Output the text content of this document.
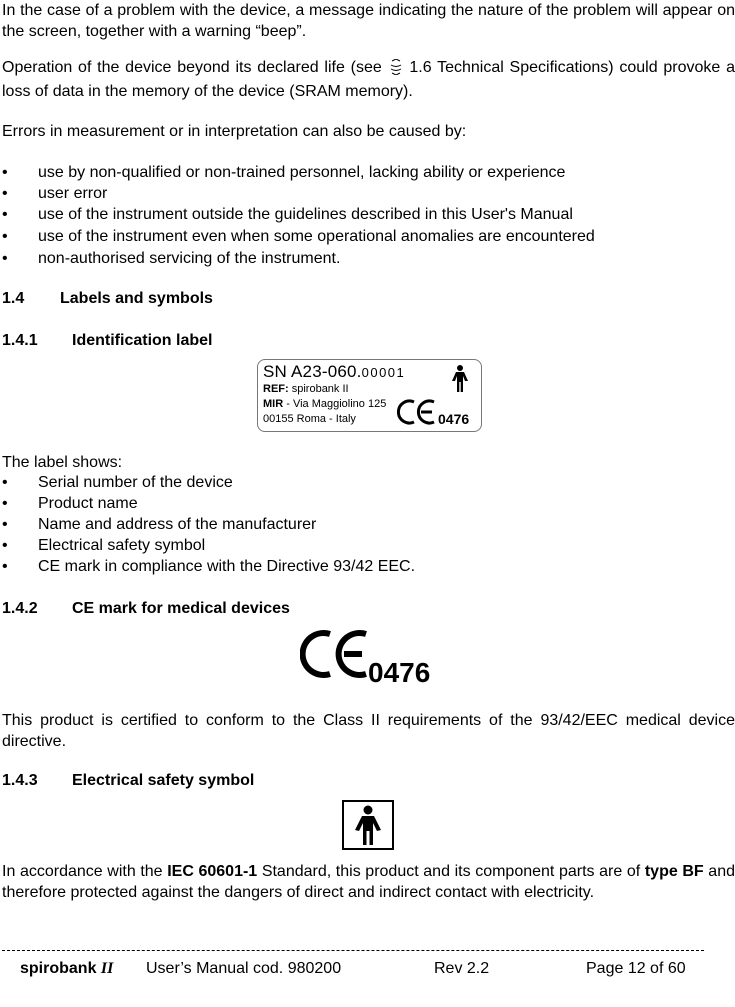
In the case of a problem with the device, a message indicating the nature of the problem will appear on the screen, together with a warning “beep”.

Operation of the device beyond its declared life (see 1.6 Technical Specifications) could provoke a loss of data in the memory of the device (SRAM memory).

Errors in measurement or in interpretation can also be caused by:

• use by non-qualified or non-trained personnel, lacking ability or experience
• user error
• use of the instrument outside the guidelines described in this User's Manual
• use of the instrument even when some operational anomalies are encountered
• non-authorised servicing of the instrument.
1.4 Labels and symbols
1.4.1 Identification label
SN A23-060.00001
REF: spirobank II
MIR - Via Maggiolino 125
00155 Roma - Italy	0476

The label shows:

• Serial number of the device
• Product name
• Name and address of the manufacturer
• Electrical safety symbol
• CE mark in compliance with the Directive 93/42 EEC.
1.4.2 CE mark for medical devices
0476

This product is certified to conform to the Class II requirements of the 93/42/EEC medical device directive.

1.4.3 Electrical safety symbol

In accordance with the IEC 60601-1 Standard, this product and its component parts are of type BF and therefore protected against the dangers of direct and indirect contact with electricity.

spirobank II User’s Manual cod. 980200	Rev 2.2	Page 12 of 60
